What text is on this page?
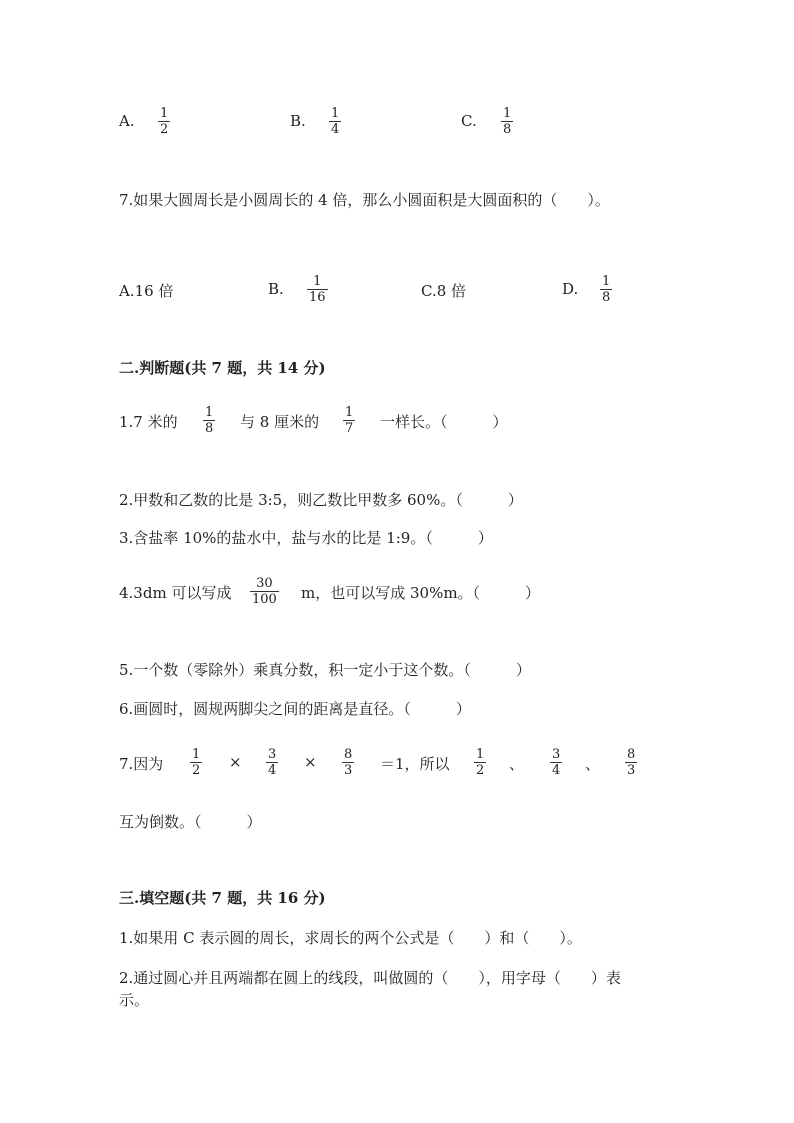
A. 1
2	B. 1
4	C. 1
8
7.如果大圆周长是小圆周长的 4 倍，那么小圆面积是大圆面积的（　　）。
A.16 倍	B. 1
16	C.8 倍	D. 1
8
二.判断题(共 7 题，共 14 分)
1.7 米的
1
8 与 8 厘米的
1
7 一样长。（　　　）
2.甲数和乙数的比是 3:5，则乙数比甲数多 60%。（　　　）
3.含盐率 10%的盐水中，盐与水的比是 1:9。（　　　）
4.3dm 可以写成
30
100 m，也可以写成 30%m。（　　　）
5.一个数（零除外）乘真分数，积一定小于这个数。（　　　）
6.画圆时，圆规两脚尖之间的距离是直径。（　　　）
7.因为
1
2 × 3
4 × 8
3 ＝1，所以
1
2 、
3
4 、
8
3
互为倒数。（　　　）
三.填空题(共 7 题，共 16 分)
1.如果用 C 表示圆的周长，求周长的两个公式是（　　）和（　　）。
2.通过圆心并且两端都在圆上的线段，叫做圆的（　　），用字母（　　）表
示。
